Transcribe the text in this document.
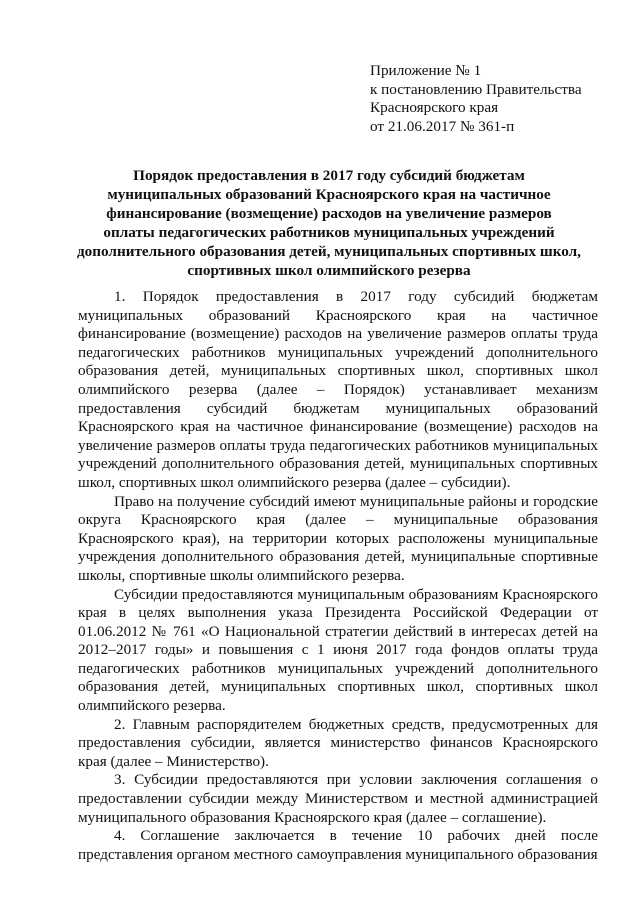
Приложение № 1
к постановлению Правительства
Красноярского края
от 21.06.2017 № 361-п
Порядок предоставления в 2017 году субсидий бюджетам
муниципальных образований Красноярского края на частичное
финансирование (возмещение) расходов на увеличение размеров
оплаты педагогических работников муниципальных учреждений
дополнительного образования детей, муниципальных спортивных школ,
спортивных школ олимпийского резерва

1. Порядок предоставления в 2017 году субсидий бюджетам муниципальных образований Красноярского края на частичное финансирование (возмещение) расходов на увеличение размеров оплаты труда педагогических работников муниципальных учреждений дополнительного образования детей, муниципальных спортивных школ, спортивных школ олимпийского резерва (далее – Порядок) устанавливает механизм предоставления субсидий бюджетам муниципальных образований Красноярского края на частичное финансирование (возмещение) расходов на увеличение размеров оплаты труда педагогических работников муниципальных учреждений дополнительного образования детей, муниципальных спортивных школ, спортивных школ олимпийского резерва (далее – субсидии).

Право на получение субсидий имеют муниципальные районы и городские округа Красноярского края (далее – муниципальные образования Красноярского края), на территории которых расположены муниципальные учреждения дополнительного образования детей, муниципальные спортивные школы, спортивные школы олимпийского резерва.

Субсидии предоставляются муниципальным образованиям Красноярского края в целях выполнения указа Президента Российской Федерации от 01.06.2012 № 761 «О Национальной стратегии действий в интересах детей на 2012–2017 годы» и повышения с 1 июня 2017 года фондов оплаты труда педагогических работников муниципальных учреждений дополнительного образования детей, муниципальных спортивных школ, спортивных школ олимпийского резерва.

2. Главным распорядителем бюджетных средств, предусмотренных для предоставления субсидии, является министерство финансов Красноярского края (далее – Министерство).

3. Субсидии предоставляются при условии заключения соглашения о предоставлении субсидии между Министерством и местной администрацией муниципального образования Красноярского края (далее – соглашение).

4. Соглашение заключается в течение 10 рабочих дней после представления органом местного самоуправления муниципального образования
